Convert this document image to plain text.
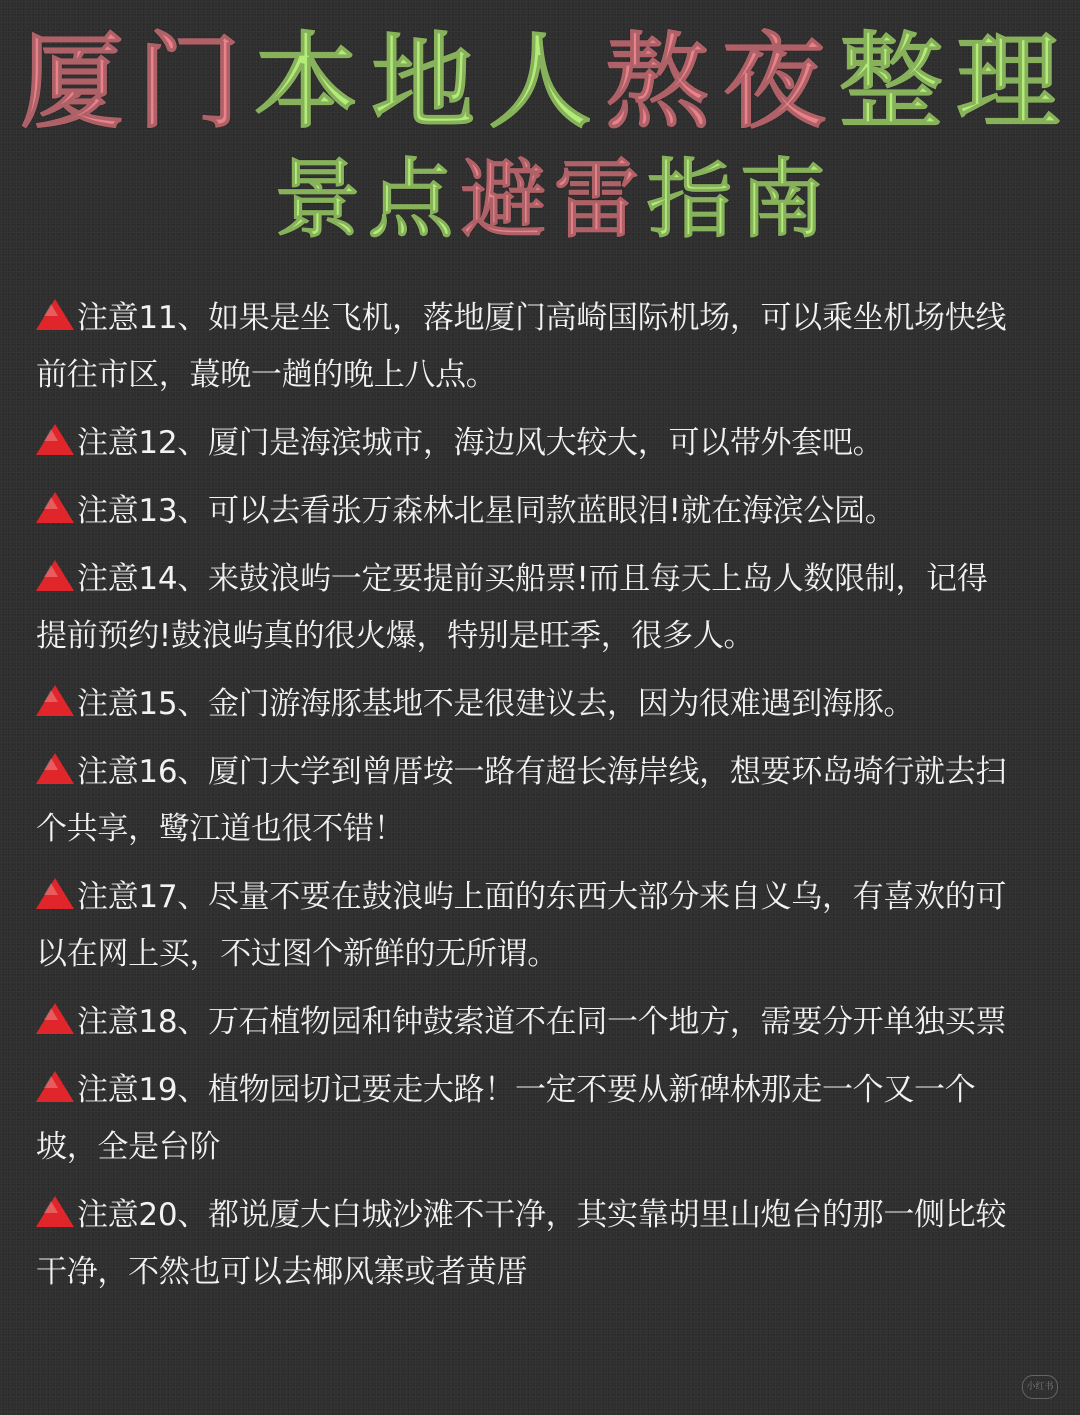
厦 门 本 地 人 熬 夜 整 理
景 点 避 雷 指 南
注意11、如果是坐飞机，落地厦门高崎国际机场，可以乘坐机场快线前往市区，蕞晚一趟的晚上八点。
注意12、厦门是海滨城市，海边风大较大，可以带外套吧。
注意13、可以去看张万森林北星同款蓝眼泪!就在海滨公园。
注意14、来鼓浪屿一定要提前买船票!而且每天上岛人数限制，记得提前预约!鼓浪屿真的很火爆，特别是旺季，很多人。
注意15、金门游海豚基地不是很建议去，因为很难遇到海豚。
注意16、厦门大学到曾厝垵一路有超长海岸线，想要环岛骑行就去扫个共享，鹭江道也很不错！
注意17、尽量不要在鼓浪屿上面的东西大部分来自义乌，有喜欢的可以在网上买，不过图个新鲜的无所谓。
注意18、万石植物园和钟鼓索道不在同一个地方，需要分开单独买票
注意19、植物园切记要走大路！一定不要从新碑林那走一个又一个坡，全是台阶
注意20、都说厦大白城沙滩不干净，其实靠胡里山炮台的那一侧比较干净，不然也可以去椰风寨或者黄厝
小红书
